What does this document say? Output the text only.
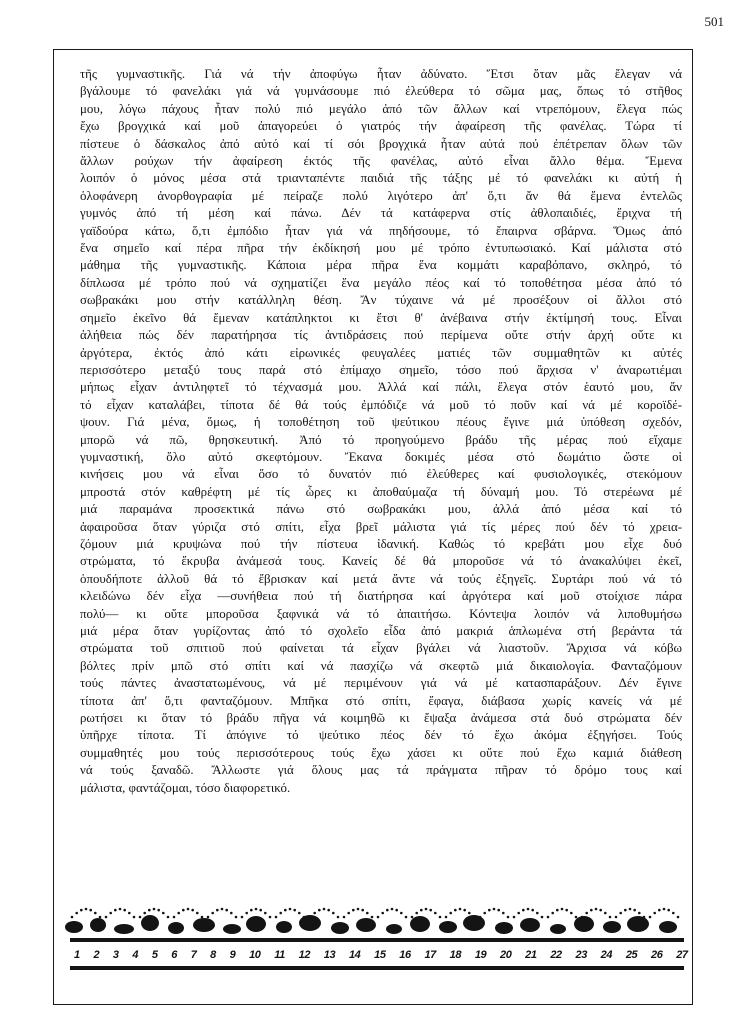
501
τῆς γυμναστικῆς. Γιά νά τήν ἀποφύγω ἦταν ἀδύνατο. Ἔτσι ὅταν μᾶς ἔλεγαν νά
βγάλουμε τό φανελάκι γιά νά γυμνάσουμε πιό ἐλεύθερα τό σῶμα μας, ὅπως τό στῆθος
μου, λόγω πάχους ἦταν πολύ πιό μεγάλο ἀπό τῶν ἄλλων καί ντρεπόμουν, ἔλεγα πώς
ἔχω βρογχικά καί μοῦ ἀπαγορεύει ὁ γιατρός τήν ἀφαίρεση τῆς φανέλας. Τώρα τί
πίστευε ὁ δάσκαλος ἀπό αὐτό καί τί σόι βρογχικά ἦταν αὐτά πού ἐπέτρεπαν ὅλων τῶν
ἄλλων ρούχων τήν ἀφαίρεση ἐκτός τῆς φανέλας, αὐτό εἶναι ἄλλο θέμα. Ἔμενα
λοιπόν ὁ μόνος μέσα στά τριανταπέντε παιδιά τῆς τάξης μέ τό φανελάκι κι αὐτή ἡ
ὁλοφάνερη ἀνορθογραφία μέ πείραζε πολύ λιγότερο ἀπ' ὅ,τι ἄν θά ἔμενα ἐντελῶς
γυμνός ἀπό τή μέση καί πάνω. Δέν τά κατάφερνα στίς ἀθλοπαιδιές, ἔριχνα τή
γαϊδούρα κάτω, ὅ,τι ἐμπόδιο ἦταν γιά νά πηδήσουμε, τό ἔπαιρνα σβάρνα. Ὅμως ἀπό
ἕνα σημεῖο καί πέρα πῆρα τήν ἐκδίκησή μου μέ τρόπο ἐντυπωσιακό. Καί μάλιστα στό
μάθημα τῆς γυμναστικῆς. Κάποια μέρα πῆρα ἕνα κομμάτι καραβόπανο, σκληρό, τό
δίπλωσα μέ τρόπο πού νά σχηματίζει ἕνα μεγάλο πέος καί τό τοποθέτησα μέσα ἀπό τό
σωβρακάκι μου στήν κατάλληλη θέση. Ἄν τύχαινε νά μέ προσέξουν οἱ ἄλλοι στό
σημεῖο ἐκεῖνο θά ἔμεναν κατάπληκτοι κι ἔτσι θ' ἀνέβαινα στήν ἐκτίμησή τους. Εἶναι
ἀλήθεια πώς δέν παρατήρησα τίς ἀντιδράσεις πού περίμενα οὔτε στήν ἀρχή οὔτε κι
ἀργότερα, ἐκτός ἀπό κάτι εἰρωνικές φευγαλέες ματιές τῶν συμμαθητῶν κι αὐτές
περισσότερο μεταξύ τους παρά στό ἐπίμαχο σημεῖο, τόσο πού ἄρχισα ν' ἀναρωτιέμαι
μήπως εἶχαν ἀντιληφτεῖ τό τέχνασμά μου. Ἀλλά καί πάλι, ἔλεγα στόν ἑαυτό μου, ἄν
τό εἶχαν καταλάβει, τίποτα δέ θά τούς ἐμπόδιζε νά μοῦ τό ποῦν καί νά μέ κοροϊδέ-
ψουν. Γιά μένα, ὅμως, ἡ τοποθέτηση τοῦ ψεύτικου πέους ἔγινε μιά ὑπόθεση σχεδόν,
μπορῶ νά πῶ, θρησκευτική. Ἀπό τό προηγούμενο βράδυ τῆς μέρας πού εἴχαμε
γυμναστική, ὅλο αὐτό σκεφτόμουν. Ἔκανα δοκιμές μέσα στό δωμάτιο ὥστε οἱ
κινήσεις μου νά εἶναι ὅσο τό δυνατόν πιό ἐλεύθερες καί φυσιολογικές, στεκόμουν
μπροστά στόν καθρέφτη μέ τίς ὧρες κι ἀποθαύμαζα τή δύναμή μου. Τό στερέωνα μέ
μιά παραμάνα προσεκτικά πάνω στό σωβρακάκι μου, ἀλλά ἀπό μέσα καί τό
ἀφαιροῦσα ὅταν γύριζα στό σπίτι, εἶχα βρεῖ μάλιστα γιά τίς μέρες πού δέν τό χρεια-
ζόμουν μιά κρυψώνα πού τήν πίστευα ἰδανική. Καθώς τό κρεβάτι μου εἶχε δυό
στρώματα, τό ἔκρυβα ἀνάμεσά τους. Κανείς δέ θά μποροῦσε νά τό ἀνακαλύψει ἐκεῖ,
ὁπουδήποτε ἀλλοῦ θά τό ἔβρισκαν καί μετά ἄντε νά τούς ἐξηγεῖς. Συρτάρι πού νά τό
κλειδώνω δέν εἶχα —συνήθεια πού τή διατήρησα καί ἀργότερα καί μοῦ στοίχισε πάρα
πολύ— κι οὔτε μποροῦσα ξαφνικά νά τό ἀπαιτήσω. Κόντεψα λοιπόν νά λιποθυμήσω
μιά μέρα ὅταν γυρίζοντας ἀπό τό σχολεῖο εἶδα ἀπό μακριά ἁπλωμένα στή βεράντα τά
στρώματα τοῦ σπιτιοῦ πού φαίνεται τά εἶχαν βγάλει νά λιαστοῦν. Ἄρχισα νά κόβω
βόλτες πρίν μπῶ στό σπίτι καί νά πασχίζω νά σκεφτῶ μιά δικαιολογία. Φανταζόμουν
τούς πάντες ἀναστατωμένους, νά μέ περιμένουν γιά νά μέ κατασπαράξουν. Δέν ἔγινε
τίποτα ἀπ' ὅ,τι φανταζόμουν. Μπῆκα στό σπίτι, ἔφαγα, διάβασα χωρίς κανείς νά μέ
ρωτήσει κι ὅταν τό βράδυ πῆγα νά κοιμηθῶ κι ἔψαξα ἀνάμεσα στά δυό στρώματα δέν
ὑπῆρχε τίποτα. Τί ἀπόγινε τό ψεύτικο πέος δέν τό ἔχω ἀκόμα ἐξηγήσει. Τούς
συμμαθητές μου τούς περισσότερους τούς ἔχω χάσει κι οὔτε πού ἔχω καμιά διάθεση
νά τούς ξαναδῶ. Ἄλλωστε γιά ὅλους μας τά πράγματα πῆραν τό δρόμο τους καί
μάλιστα, φαντάζομαι, τόσο διαφορετικό.
1 2 3 4 5 6 7 8 9 10 11 12 13 14 15 16 17 18 19 20 21 22 23 24 25 26 27
